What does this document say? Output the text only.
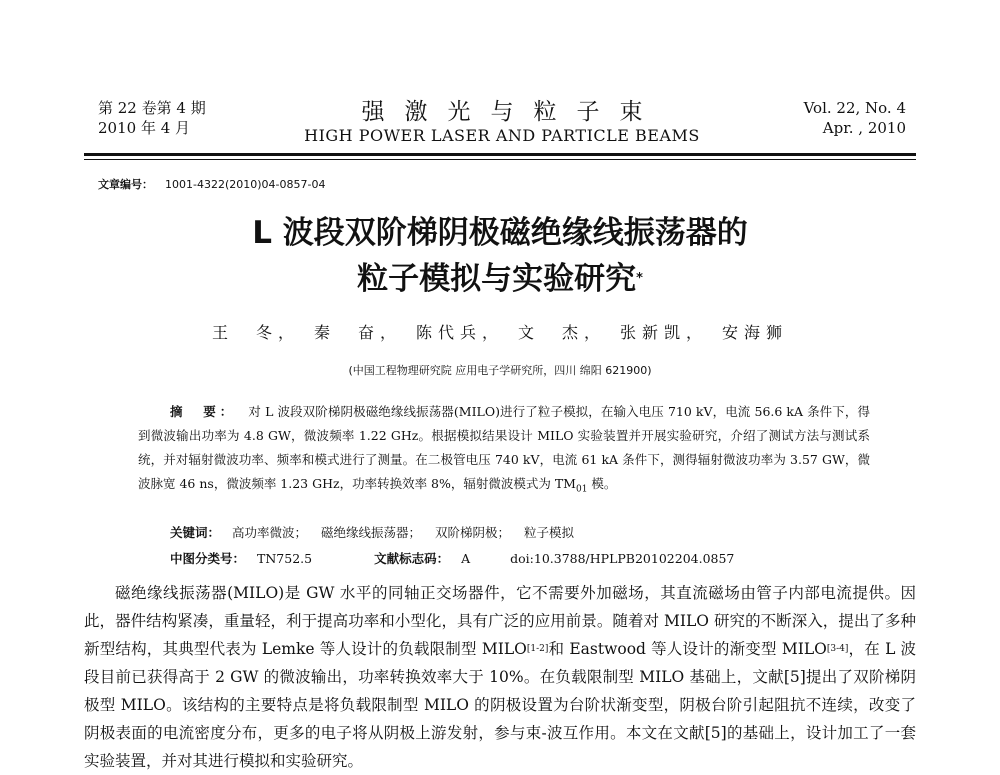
第 22 卷第 4 期
2010 年 4 月
强激光与粒子束
HIGH POWER LASER AND PARTICLE BEAMS
Vol. 22, No. 4
Apr. , 2010
文章编号： 1001-4322(2010)04-0857-04
L 波段双阶梯阴极磁绝缘线振荡器的
粒子模拟与实验研究*
王　冬，　秦　奋，　陈代兵，　文　杰，　张新凯，　安海狮
(中国工程物理研究院 应用电子学研究所，四川 绵阳 621900)
摘　要： 对 L 波段双阶梯阴极磁绝缘线振荡器(MILO)进行了粒子模拟，在输入电压 710 kV，电流 56.6 kA 条件下，得到微波输出功率为 4.8 GW，微波频率 1.22 GHz。根据模拟结果设计 MILO 实验装置并开展实验研究，介绍了测试方法与测试系统，并对辐射微波功率、频率和模式进行了测量。在二极管电压 740 kV，电流 61 kA 条件下，测得辐射微波功率为 3.57 GW，微波脉宽 46 ns，微波频率 1.23 GHz，功率转换效率 8%，辐射微波模式为 $TM_{01}$ 模。
关键词： 高功率微波； 磁绝缘线振荡器； 双阶梯阴极； 粒子模拟
中图分类号： TN752.5	文献标志码： A	doi:10.3788/HPLPB20102204.0857
磁绝缘线振荡器(MILO)是 GW 水平的同轴正交场器件，它不需要外加磁场，其直流磁场由管子内部电流提供。因此，器件结构紧凑，重量轻，利于提高功率和小型化，具有广泛的应用前景。随着对 MILO 研究的不断深入，提出了多种新型结构，其典型代表为 Lemke 等人设计的负载限制型 MILO[1-2]和 Eastwood 等人设计的渐变型 MILO[3-4]，在 L 波段目前已获得高于 2 GW 的微波输出，功率转换效率大于 10%。在负载限制型 MILO 基础上，文献[5]提出了双阶梯阴极型 MILO。该结构的主要特点是将负载限制型 MILO 的阴极设置为台阶状渐变型，阴极台阶引起阻抗不连续，改变了阴极表面的电流密度分布，更多的电子将从阴极上游发射，参与束-波互作用。本文在文献[5]的基础上，设计加工了一套实验装置，并对其进行模拟和实验研究。
